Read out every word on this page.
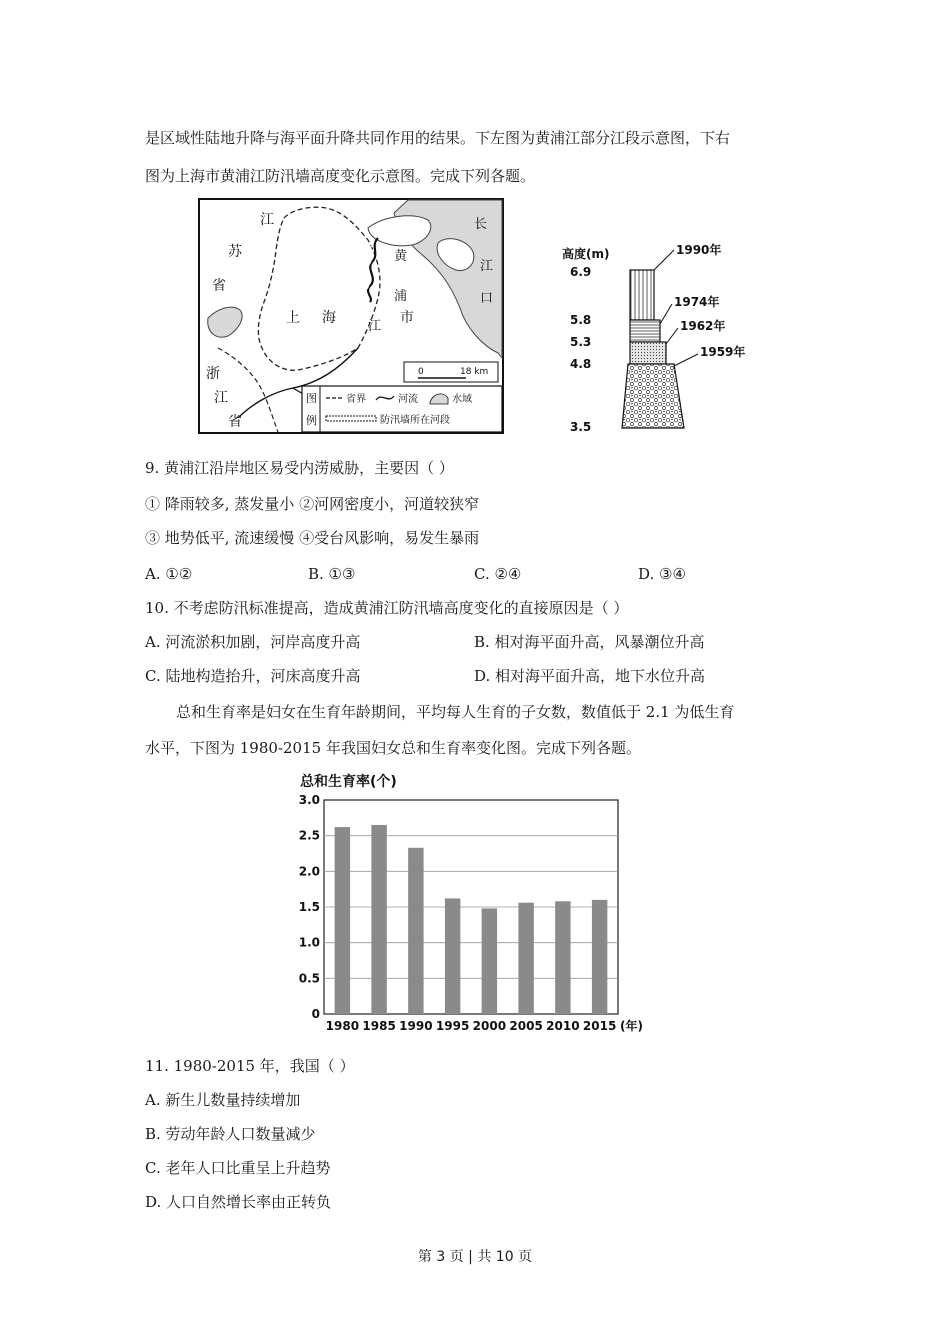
是区域性陆地升降与海平面升降共同作用的结果。下左图为黄浦江部分江段示意图，下右
图为上海市黄浦江防汛墙高度变化示意图。完成下列各题。
江
苏
省
上 海	市
黄
浦
江
浙
江
省
长
江
口
0	18 km
图
例
省界	河流	水域
防汛墙所在河段
高度(m)
6.9
5.8
5.3
4.8
3.5
1990年
1974年
1962年
1959年
9. 黄浦江沿岸地区易受内涝威胁，主要因（ ）
① 降雨较多, 蒸发量小 ②河网密度小，河道较狭窄
③ 地势低平, 流速缓慢 ④受台风影响，易发生暴雨
A. ①②	B. ①③	C. ②④	D. ③④
10. 不考虑防汛标准提高，造成黄浦江防汛墙高度变化的直接原因是（ ）
A. 河流淤积加剧，河岸高度升高	B. 相对海平面升高，风暴潮位升高
C. 陆地构造抬升，河床高度升高	D. 相对海平面升高，地下水位升高
总和生育率是妇女在生育年龄期间，平均每人生育的子女数，数值低于 2.1 为低生育
水平，下图为 1980-2015 年我国妇女总和生育率变化图。完成下列各题。
总和生育率(个)
3.0
2.5
2.0
1.5
1.0
0.5
0
1980 1985 1990 1995 2000 2005 2010 2015 (年)
11. 1980-2015 年，我国（ ）
A. 新生儿数量持续增加
B. 劳动年龄人口数量减少
C. 老年人口比重呈上升趋势
D. 人口自然增长率由正转负
第 3 页 | 共 10 页
